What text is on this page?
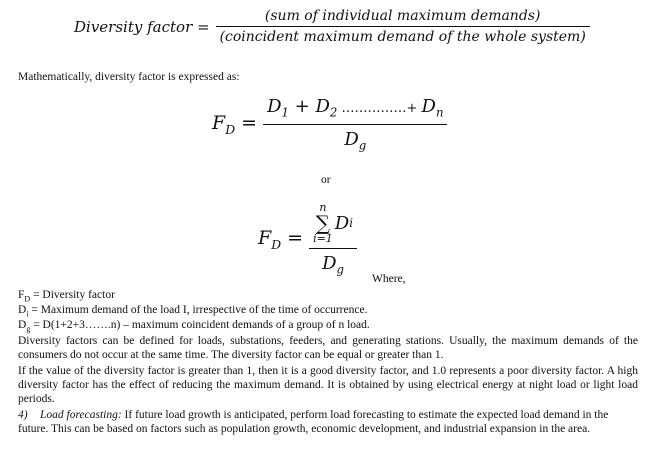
Diversity factor = $\frac{\text{(sum of individual maximum demands)}}{\text{(coincident maximum demand of the whole system)}}$
Mathematically, diversity factor is expressed as:
$F_D = \frac{D_1 + D_2 \dots\dots\dots\dots\dots+ D_n}{D_g}$
or
$F_D = n$
∑
i=1
D i
$D_g$
Where,
$F_D$ = Diversity factor
$D_i$ = Maximum demand of the load I, irrespective of the time of occurrence.
$D_g$ = D(1+2+3…….n) – maximum coincident demands of a group of n load.
Diversity factors can be defined for loads, substations, feeders, and generating stations. Usually, the maximum demands of the consumers do not occur at the same time. The diversity factor can be equal or greater than 1.
If the value of the diversity factor is greater than 1, then it is a good diversity factor, and 1.0 represents a poor diversity factor. A high diversity factor has the effect of reducing the maximum demand. It is obtained by using electrical energy at night load or light load periods.
4) Load forecasting: If future load growth is anticipated, perform load forecasting to estimate the expected load demand in the future. This can be based on factors such as population growth, economic development, and industrial expansion in the area.
